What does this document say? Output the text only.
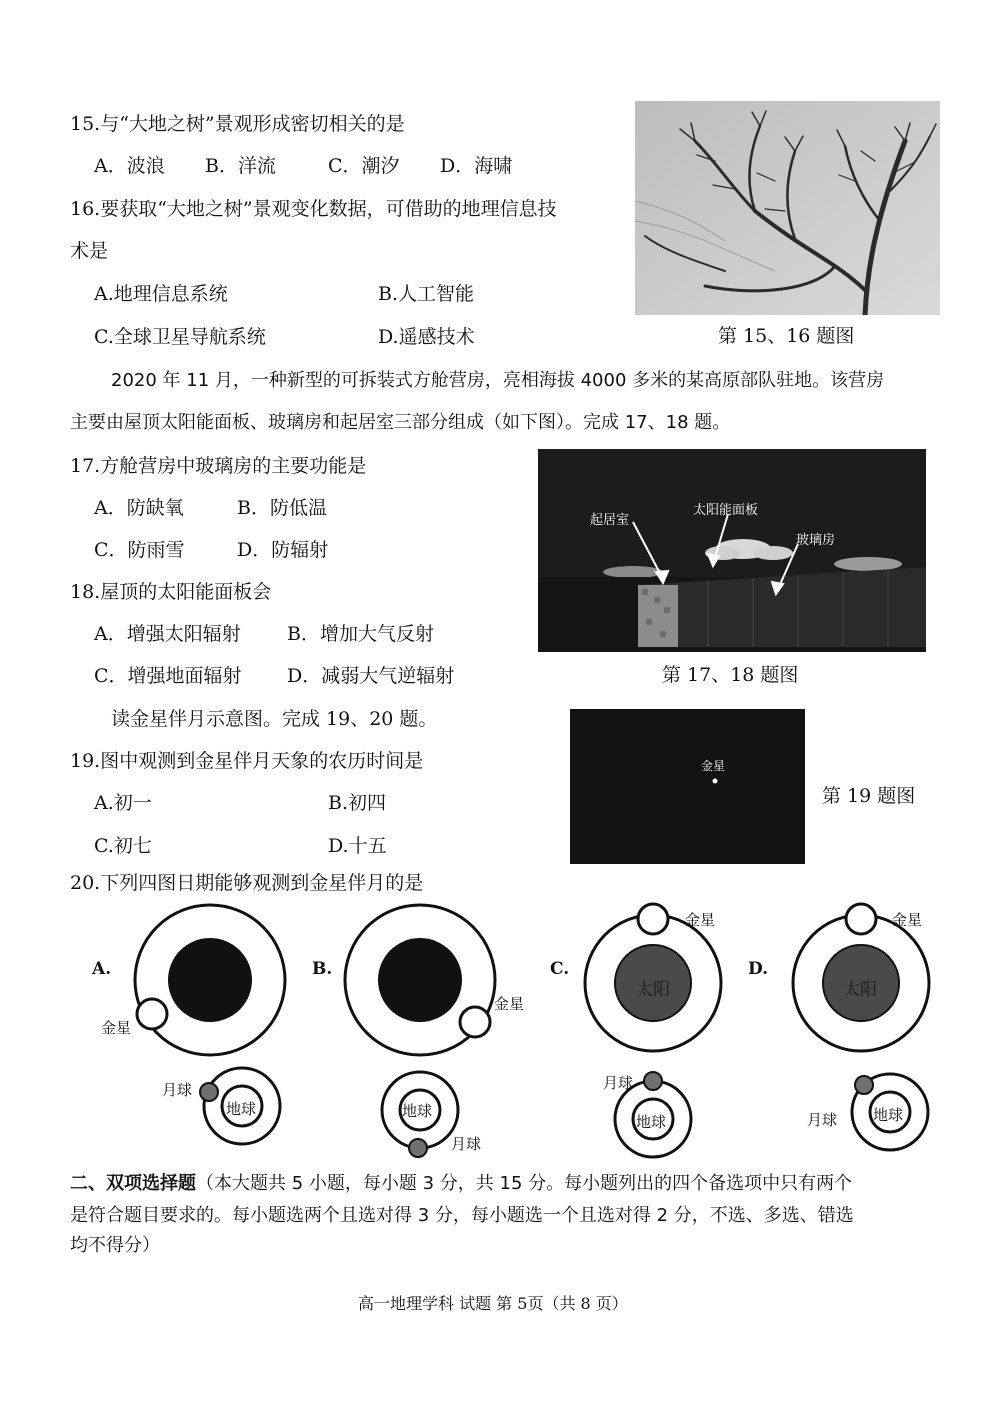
15.与“大地之树”景观形成密切相关的是
A．波浪 B．洋流	C．潮汐 D．海啸
16.要获取“大地之树”景观变化数据，可借助的地理信息技
术是
A.地理信息系统	B.人工智能
C.全球卫星导航系统	D.遥感技术	第 15、16 题图
2020 年 11 月，一种新型的可拆装式方舱营房，亮相海拔 4000 多米的某高原部队驻地。该营房
主要由屋顶太阳能面板、玻璃房和起居室三部分组成（如下图）。完成 17、18 题。
17.方舱营房中玻璃房的主要功能是
A．防缺氧	B．防低温
C．防雨雪	D．防辐射
18.屋顶的太阳能面板会
A．增强太阳辐射 B．增加大气反射
C．增强地面辐射 D．减弱大气逆辐射
起居室
太阳能面板
玻璃房
第 17、18 题图
读金星伴月示意图。完成 19、20 题。
19.图中观测到金星伴月天象的农历时间是
A.初一	B.初四
C.初七	D.十五
金星
第 19 题图
20.下列四图日期能够观测到金星伴月的是
A.
金星
月球
地球
B.
金星
地球
月球
C.
太阳
金星
月球
地球
D.
太阳
金星
月球 地球
二、双项选择题（本大题共 5 小题，每小题 3 分，共 15 分。每小题列出的四个备选项中只有两个
是符合题目要求的。每小题选两个且选对得 3 分，每小题选一个且选对得 2 分，不选、多选、错选
均不得分）
高一地理学科 试题 第 5页（共 8 页）
